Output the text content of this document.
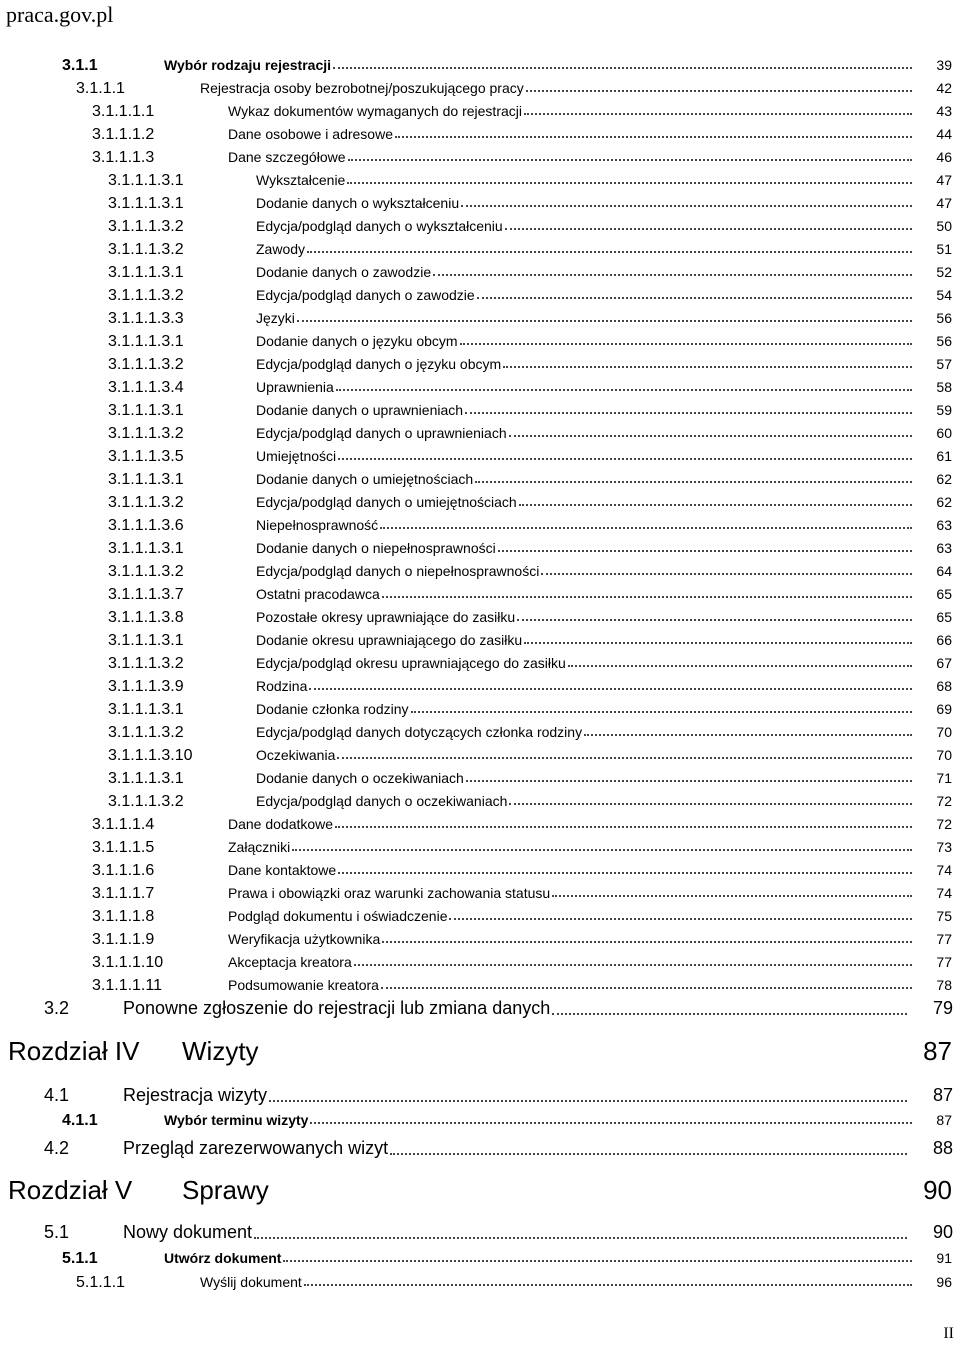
praca.gov.pl
3.1.1	Wybór rodzaju rejestracji	39
3.1.1.1	Rejestracja osoby bezrobotnej/poszukującego pracy	42
3.1.1.1.1	Wykaz dokumentów wymaganych do rejestracji	43
3.1.1.1.2	Dane osobowe i adresowe	44
3.1.1.1.3	Dane szczegółowe	46
3.1.1.1.3.1	Wykształcenie	47
3.1.1.1.3.1	Dodanie danych o wykształceniu	47
3.1.1.1.3.2	Edycja/podgląd danych o wykształceniu	50
3.1.1.1.3.2	Zawody	51
3.1.1.1.3.1	Dodanie danych o zawodzie	52
3.1.1.1.3.2	Edycja/podgląd danych o zawodzie	54
3.1.1.1.3.3	Języki	56
3.1.1.1.3.1	Dodanie danych o języku obcym	56
3.1.1.1.3.2	Edycja/podgląd danych o języku obcym	57
3.1.1.1.3.4	Uprawnienia	58
3.1.1.1.3.1	Dodanie danych o uprawnieniach	59
3.1.1.1.3.2	Edycja/podgląd danych o uprawnieniach	60
3.1.1.1.3.5	Umiejętności	61
3.1.1.1.3.1	Dodanie danych o umiejętnościach	62
3.1.1.1.3.2	Edycja/podgląd danych o umiejętnościach	62
3.1.1.1.3.6	Niepełnosprawność	63
3.1.1.1.3.1	Dodanie danych o niepełnosprawności	63
3.1.1.1.3.2	Edycja/podgląd danych o niepełnosprawności	64
3.1.1.1.3.7	Ostatni pracodawca	65
3.1.1.1.3.8	Pozostałe okresy uprawniające do zasiłku	65
3.1.1.1.3.1	Dodanie okresu uprawniającego do zasiłku	66
3.1.1.1.3.2	Edycja/podgląd okresu uprawniającego do zasiłku	67
3.1.1.1.3.9	Rodzina	68
3.1.1.1.3.1	Dodanie członka rodziny	69
3.1.1.1.3.2	Edycja/podgląd danych dotyczących członka rodziny	70
3.1.1.1.3.10	Oczekiwania	70
3.1.1.1.3.1	Dodanie danych o oczekiwaniach	71
3.1.1.1.3.2	Edycja/podgląd danych o oczekiwaniach	72
3.1.1.1.4	Dane dodatkowe	72
3.1.1.1.5	Załączniki	73
3.1.1.1.6	Dane kontaktowe	74
3.1.1.1.7	Prawa i obowiązki oraz warunki zachowania statusu	74
3.1.1.1.8	Podgląd dokumentu i oświadczenie	75
3.1.1.1.9	Weryfikacja użytkownika	77
3.1.1.1.10	Akceptacja kreatora	77
3.1.1.1.11	Podsumowanie kreatora	78
3.2	Ponowne zgłoszenie do rejestracji lub zmiana danych	79
Rozdział IV Wizyty	87
4.1	Rejestracja wizyty	87
4.1.1	Wybór terminu wizyty	87
4.2	Przegląd zarezerwowanych wizyt	88
Rozdział V Sprawy	90
5.1	Nowy dokument	90
5.1.1	Utwórz dokument	91
5.1.1.1	Wyślij dokument	96
II
